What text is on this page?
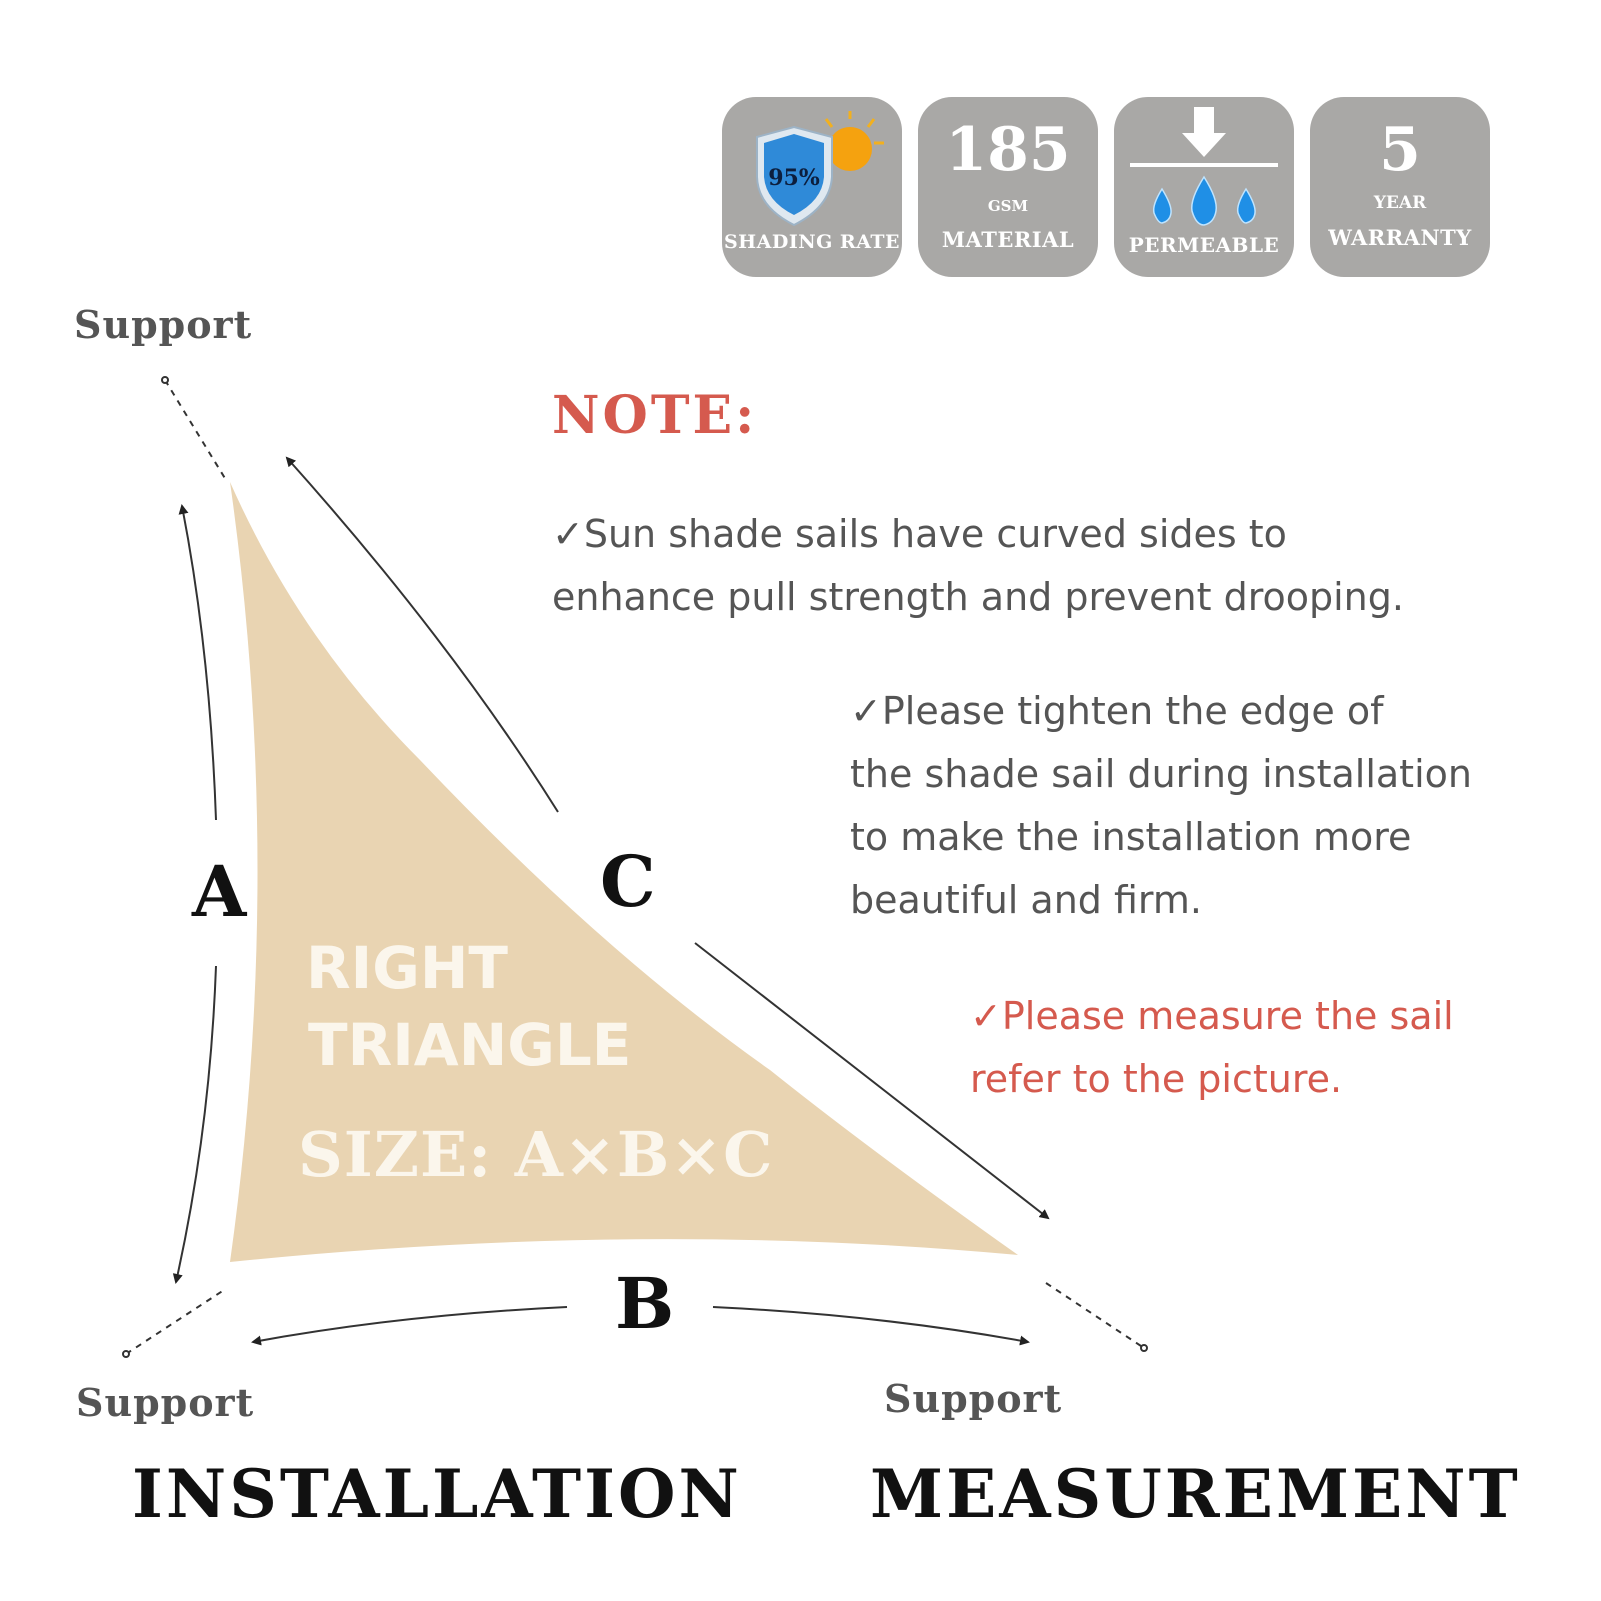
95%
SHADING RATE
185
GSM
MATERIAL	PERMEABLE
5
YEAR
WARRANTY
Support
Support	Support
A
B
C
RIGHT
TRIANGLE
SIZE: A×B×C
NOTE:
✓Sun shade sails have curved sides to
enhance pull strength and prevent drooping.
✓Please tighten the edge of
the shade sail during installation
to make the installation more
beautiful and firm.
✓Please measure the sail
refer to the picture.
INSTALLATION MEASUREMENT
